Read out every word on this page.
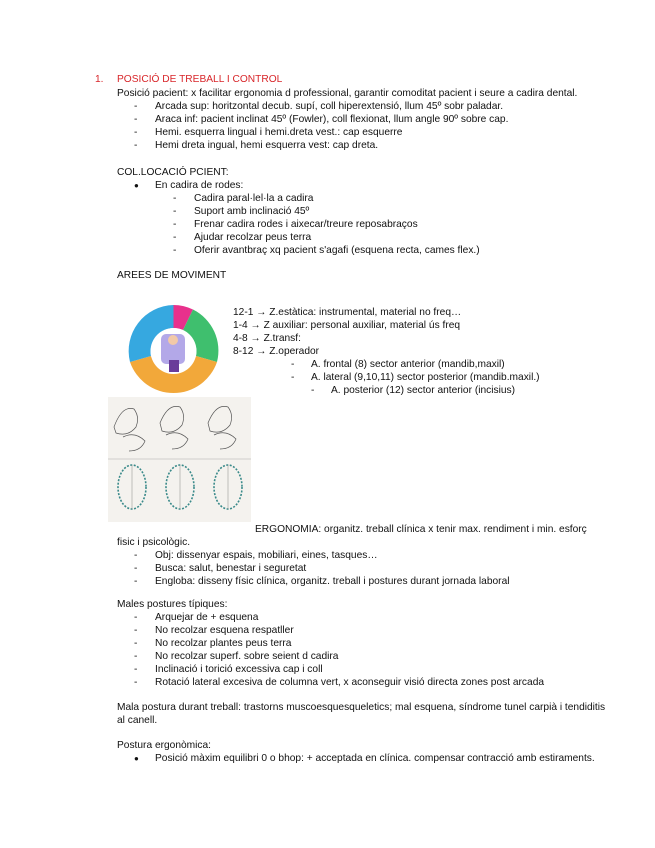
1. POSICIÓ DE TREBALL I CONTROL
Posició pacient: x facilitar ergonomia d professional, garantir comoditat pacient i seure a cadira dental.
- Arcada sup: horitzontal decub. supí, coll hiperextensió, llum 45º sobr paladar.
- Araca inf: pacient inclinat 45º (Fowler), coll flexionat, llum angle 90º sobre cap.
- Hemi. esquerra lingual i hemi.dreta vest.: cap esquerre
- Hemi dreta ingual, hemi esquerra vest: cap dreta.
COL.LOCACIÓ PCIENT:
● En cadira de rodes:
- Cadira paral·lel·la a cadira
- Suport amb inclinació 45º
- Frenar cadira rodes i aixecar/treure reposabraços
- Ajudar recolzar peus terra
- Oferir avantbraç xq pacient s'agafi (esquena recta, cames flex.)
AREES DE MOVIMENT
12-1 → Z.estàtica: instrumental, material no freq…
1-4 → Z auxiliar: personal auxiliar, material ús freq
4-8 → Z.transf:
8-12 → Z.operador
- A. frontal (8) sector anterior (mandib,maxil)
- A. lateral (9,10,11) sector posterior (mandib.maxil.)
- A. posterior (12) sector anterior (incisius)
ERGONOMIA: organitz. treball clínica x tenir max. rendiment i min. esforç
fisic i psicològic.
- Obj: dissenyar espais, mobiliari, eines, tasques…
- Busca: salut, benestar i seguretat
- Engloba: disseny físic clínica, organitz. treball i postures durant jornada laboral
Males postures típiques:
- Arquejar de + esquena
- No recolzar esquena respatller
- No recolzar plantes peus terra
- No recolzar superf. sobre seient d cadira
- Inclinació i torició excessiva cap i coll
- Rotació lateral excesiva de columna vert, x aconseguir visió directa zones post arcada
Mala postura durant treball: trastorns muscoesquesqueletics; mal esquena, síndrome tunel carpià i tendiditis
al canell.
Postura ergonòmica:
● Posició màxim equilibri 0 o bhop: + acceptada en clínica. compensar contracció amb estiraments.
